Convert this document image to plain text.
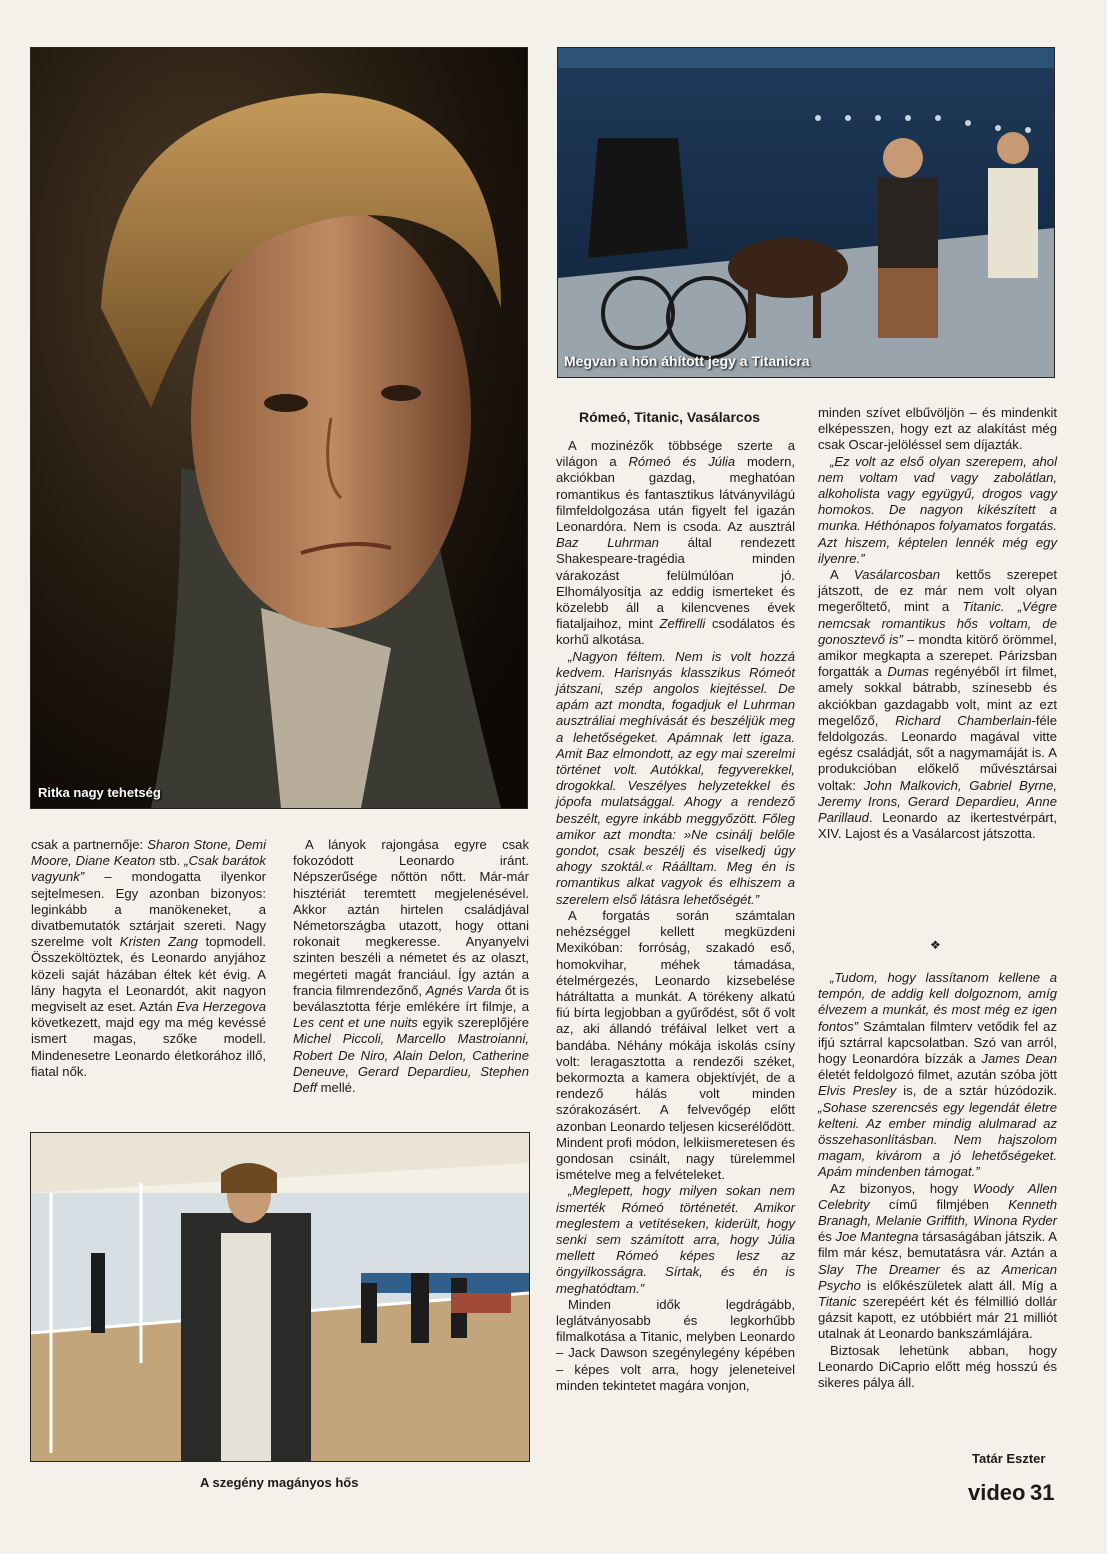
Ritka nagy tehetség
Megvan a hőn áhított jegy a Titanicra
A szegény magányos hős
Rómeó, Titanic, Vasálarcos

csak a partnernője: Sharon Stone, Demi Moore, Diane Keaton stb. „Csak barátok vagyunk” – mondogatta ilyenkor sejtelmesen. Egy azonban bizonyos: leginkább a manökeneket, a divatbemutatók sztárjait szereti. Nagy szerelme volt Kristen Zang topmodell. Összeköltöztek, és Leonardo anyjához közeli saját házában éltek két évig. A lány hagyta el Leonardót, akit nagyon megviselt az eset. Aztán Eva Herzegova következett, majd egy ma még kevéssé ismert magas, szőke modell. Mindenesetre Leonardo életkorához illő, fiatal nők.

A lányok rajongása egyre csak fokozódott Leonardo iránt. Népszerűsége nőttön nőtt. Már-már hisztériát teremtett megjelenésével. Akkor aztán hirtelen családjával Németországba utazott, hogy ottani rokonait megkeresse. Anyanyelvi szinten beszéli a németet és az olaszt, megérteti magát franciául. Így aztán a francia filmrendezőnő, Agnés Varda őt is beválasztotta férje emlékére írt filmje, a Les cent et une nuits egyik szereplőjére Michel Piccoli, Marcello Mastroianni, Robert De Niro, Alain Delon, Catherine Deneuve, Gerard Depardieu, Stephen Deff mellé.

A mozinézők többsége szerte a világon a Rómeó és Júlia modern, akciókban gazdag, meghatóan romantikus és fantasztikus látványvilágú filmfeldolgozása után figyelt fel igazán Leonardóra. Nem is csoda. Az ausztrál Baz Luhrman által rendezett Shakespeare-tragédia minden várakozást felülmúlóan jó. Elhomályosítja az eddig ismerteket és közelebb áll a kilencvenes évek fiataljaihoz, mint Zeffirelli csodálatos és korhű alkotása.

„Nagyon féltem. Nem is volt hozzá kedvem. Harisnyás klasszikus Rómeót játszani, szép angolos kiejtéssel. De apám azt mondta, fogadjuk el Luhrman ausztráliai meghívását és beszéljük meg a lehetőségeket. Apámnak lett igaza. Amit Baz elmondott, az egy mai szerelmi történet volt. Autókkal, fegyverekkel, drogokkal. Veszélyes helyzetekkel és jópofa mulatsággal. Ahogy a rendező beszélt, egyre inkább meggyőzött. Főleg amikor azt mondta: »Ne csinálj belőle gondot, csak beszélj és viselkedj úgy ahogy szoktál.« Ráálltam. Meg én is romantikus alkat vagyok és elhiszem a szerelem első látásra lehetőségét.”

A forgatás során számtalan nehézséggel kellett megküzdeni Mexikóban: forróság, szakadó eső, homokvihar, méhek támadása, ételmérgezés, Leonardo kizsebelése hátráltatta a munkát. A törékeny alkatú fiú bírta legjobban a gyűrődést, sőt ő volt az, aki állandó tréfáival lelket vert a bandába. Néhány mókája iskolás csíny volt: leragasztotta a rendezői széket, bekormozta a kamera objektívjét, de a rendező hálás volt minden szórakozásért. A felvevőgép előtt azonban Leonardo teljesen kicserélődött. Mindent profi módon, lelkiismeretesen és gondosan csinált, nagy türelemmel ismételve meg a felvételeket.

„Meglepett, hogy milyen sokan nem ismerték Rómeó történetét. Amikor meglestem a vetítéseken, kiderült, hogy senki sem számított arra, hogy Júlia mellett Rómeó képes lesz az öngyilkosságra. Sírtak, és én is meghatódtam.”

Minden idők legdrágább, leglátványosabb és legkorhűbb filmalkotása a Titanic, melyben Leonardo – Jack Dawson szegénylegény képében – képes volt arra, hogy jeleneteivel minden tekintetet magára vonjon,

minden szívet elbűvöljön – és mindenkit elképesszen, hogy ezt az alakítást még csak Oscar-jelöléssel sem díjazták.

„Ez volt az első olyan szerepem, ahol nem voltam vad vagy zabolátlan, alkoholista vagy együgyű, drogos vagy homokos. De nagyon kikészített a munka. Héthónapos folyamatos forgatás. Azt hiszem, képtelen lennék még egy ilyenre.”

A Vasálarcosban kettős szerepet játszott, de ez már nem volt olyan megerőltető, mint a Titanic. „Végre nemcsak romantikus hős voltam, de gonosztevő is” – mondta kitörő örömmel, amikor megkapta a szerepet. Párizsban forgatták a Dumas regényéből írt filmet, amely sokkal bátrabb, színesebb és akciókban gazdagabb volt, mint az ezt megelőző, Richard Chamberlain-féle feldolgozás. Leonardo magával vitte egész családját, sőt a nagymamáját is. A produkcióban előkelő művésztársai voltak: John Malkovich, Gabriel Byrne, Jeremy Irons, Gerard Depardieu, Anne Parillaud. Leonardo az ikertestvérpárt, XIV. Lajost és a Vasálarcost játszotta.

❖

„Tudom, hogy lassítanom kellene a tempón, de addig kell dolgoznom, amíg élvezem a munkát, és most még ez igen fontos” Számtalan filmterv vetődik fel az ifjú sztárral kapcsolatban. Szó van arról, hogy Leonardóra bízzák a James Dean életét feldolgozó filmet, azután szóba jött Elvis Presley is, de a sztár húzódozik. „Sohase szerencsés egy legendát életre kelteni. Az ember mindig alulmarad az összehasonlításban. Nem hajszolom magam, kivárom a jó lehetőségeket. Apám mindenben támogat.”

Az bizonyos, hogy Woody Allen Celebrity című filmjében Kenneth Branagh, Melanie Griffith, Winona Ryder és Joe Mantegna társaságában játszik. A film már kész, bemutatásra vár. Aztán a Slay The Dreamer és az American Psycho is előkészületek alatt áll. Míg a Titanic szerepéért két és félmillió dollár gázsit kapott, ez utóbbiért már 21 milliót utalnak át Leonardo bankszámlájára.

Biztosak lehetünk abban, hogy Leonardo DiCaprio előtt még hosszú és sikeres pálya áll.

Tatár Eszter
video 31
